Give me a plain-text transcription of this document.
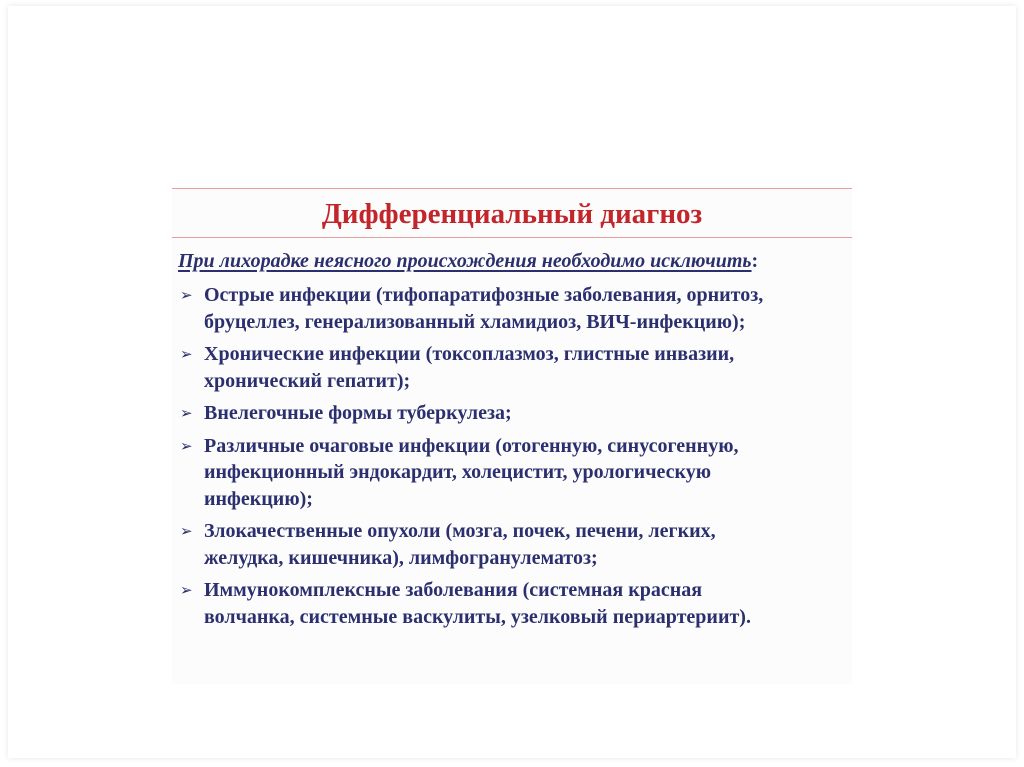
Дифференциальный диагноз
При лихорадке неясного происхождения необходимо исключить:
➢ Острые инфекции (тифопаратифозные заболевания, орнитоз,
бруцеллез, генерализованный хламидиоз, ВИЧ-инфекцию);
➢ Хронические инфекции (токсоплазмоз, глистные инвазии,
хронический гепатит);
➢ Внелегочные формы туберкулеза;
➢ Различные очаговые инфекции (отогенную, синусогенную,
инфекционный эндокардит, холецистит, урологическую
инфекцию);
➢ Злокачественные опухоли (мозга, почек, печени, легких,
желудка, кишечника), лимфогранулематоз;
➢ Иммунокомплексные заболевания (системная красная
волчанка, системные васкулиты, узелковый периартериит).
